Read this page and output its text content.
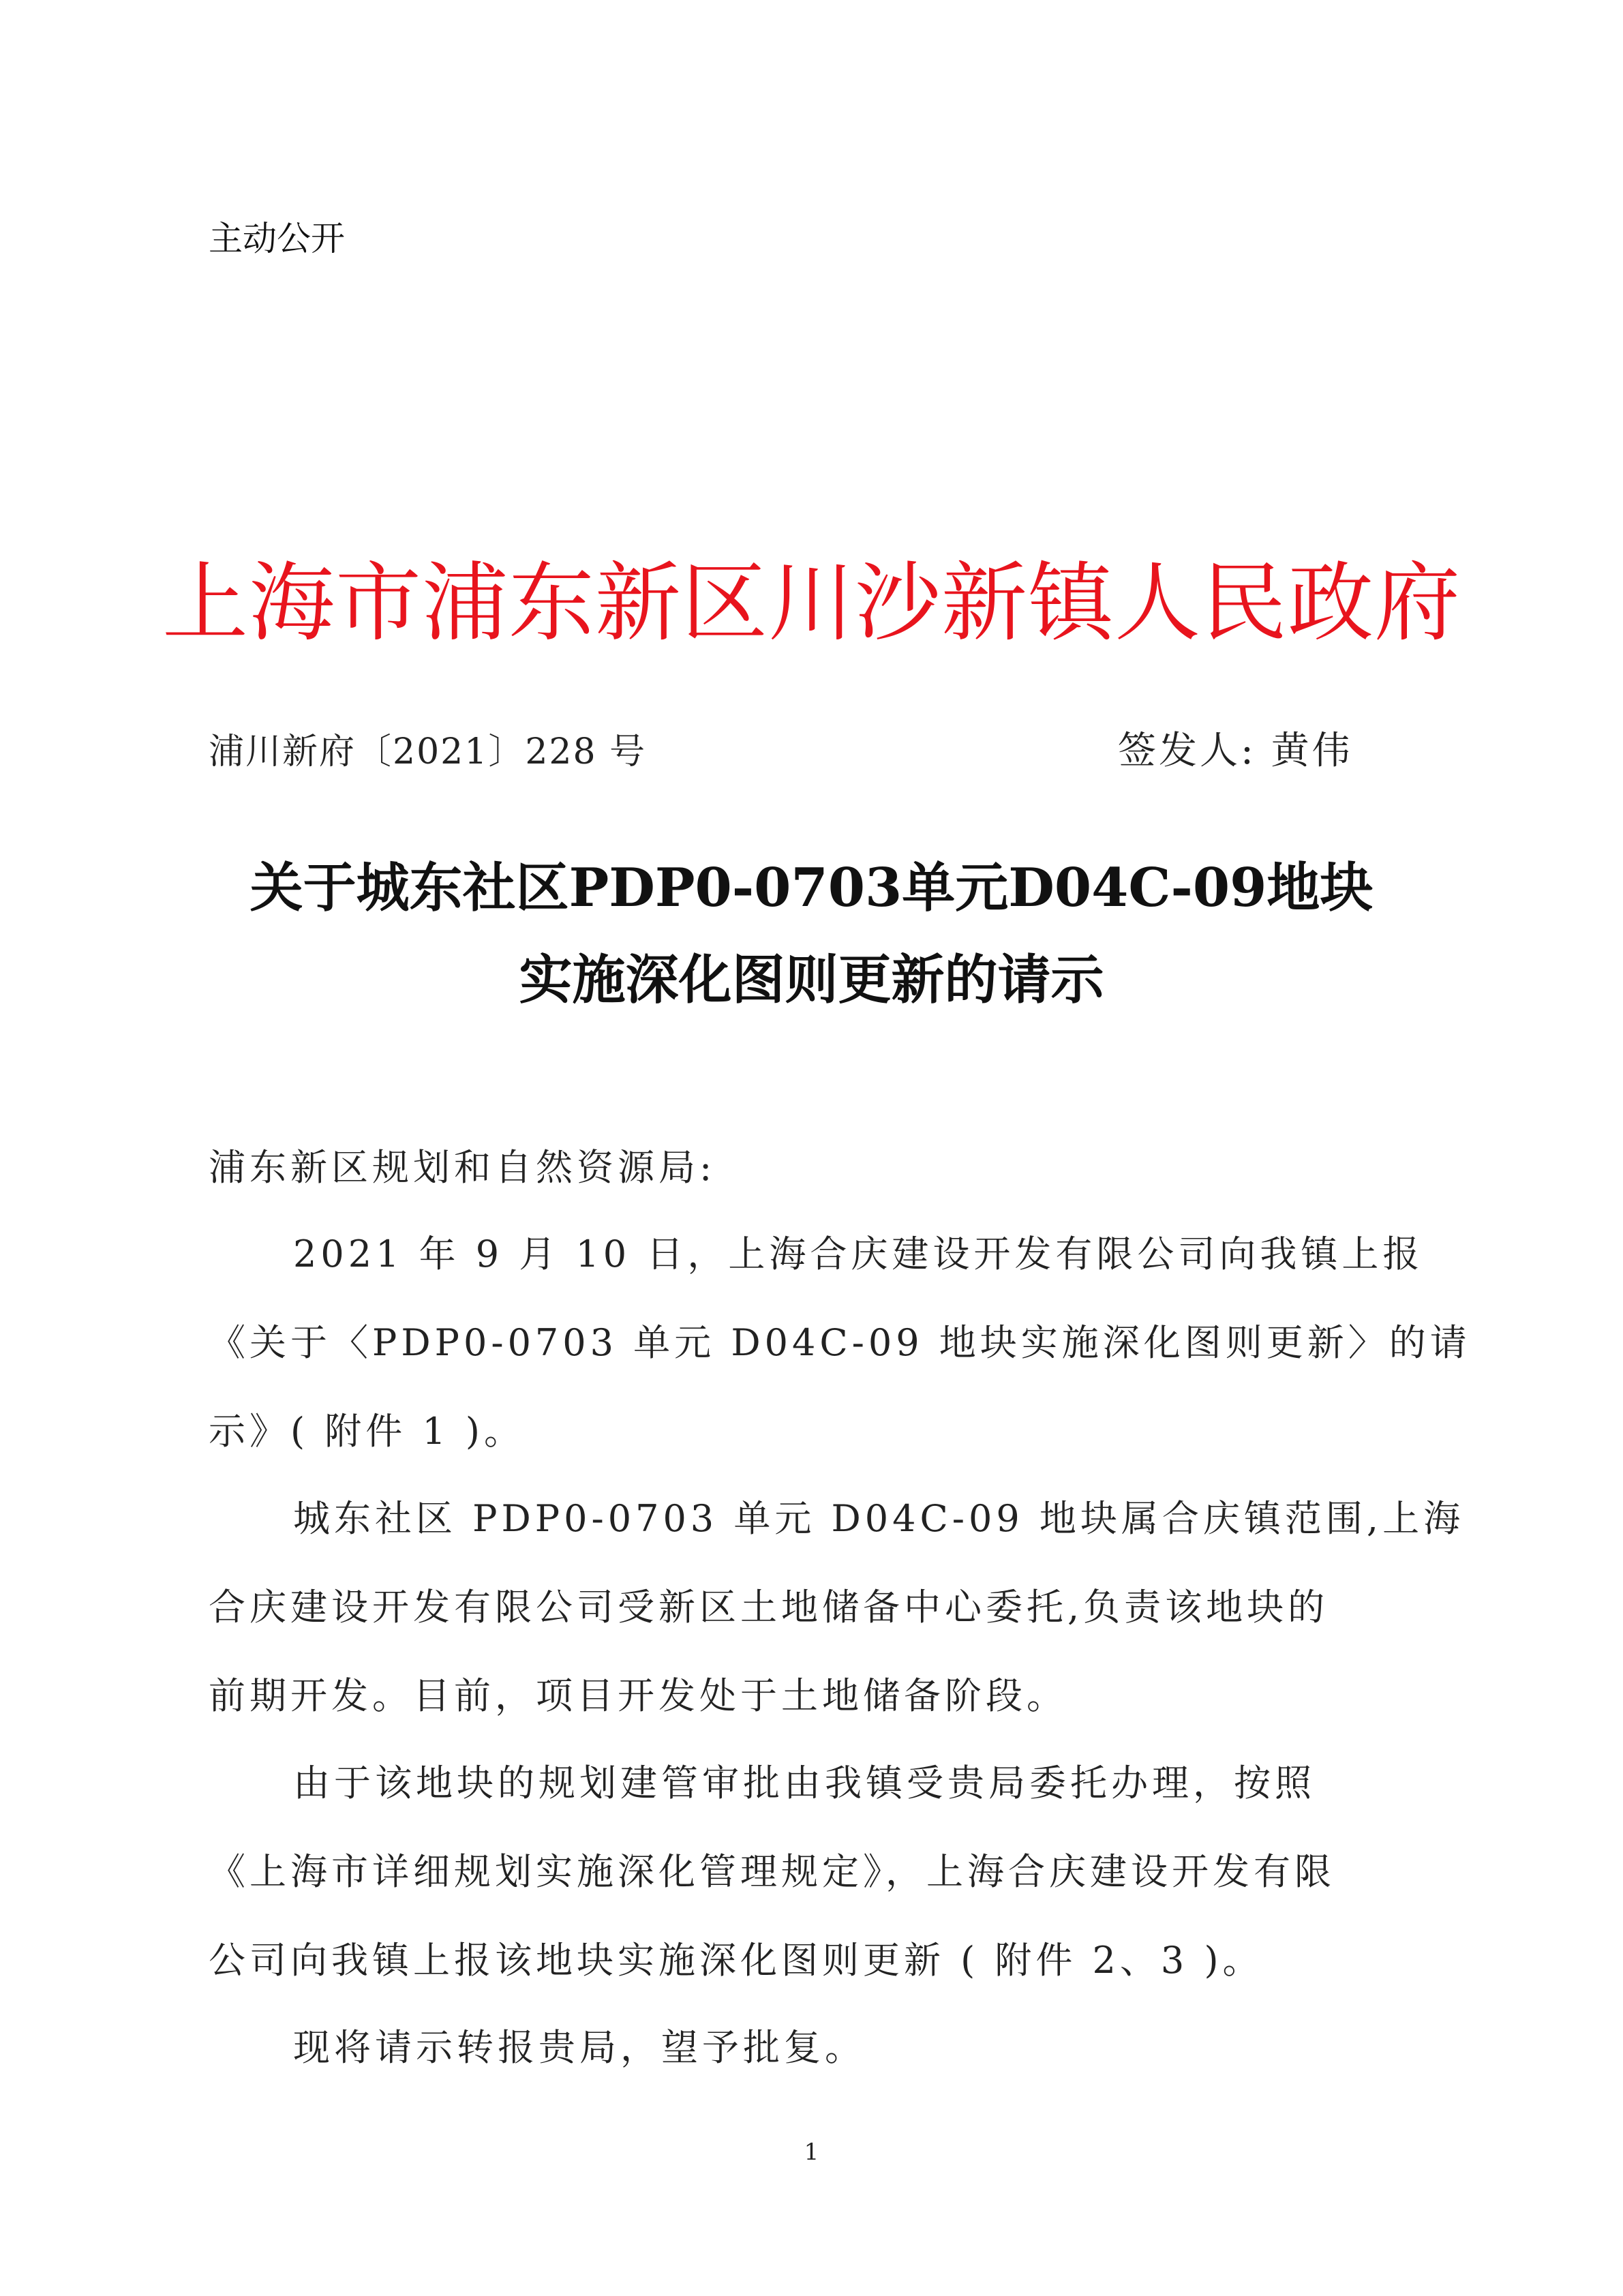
主动公开

上海市浦东新区川沙新镇人民政府

浦川新府〔2021〕228 号	签发人: 黄伟

关于城东社区PDP0-0703单元D04C-09地块

实施深化图则更新的请示

浦东新区规划和自然资源局:

2021 年 9 月 10 日，上海合庆建设开发有限公司向我镇上报
《关于〈PDP0-0703 单元 D04C-09 地块实施深化图则更新〉的请
示》( 附件 1 )。
城东社区 PDP0-0703 单元 D04C-09 地块属合庆镇范围,上海
合庆建设开发有限公司受新区土地储备中心委托,负责该地块的
前期开发。目前，项目开发处于土地储备阶段。
由于该地块的规划建管审批由我镇受贵局委托办理，按照
《上海市详细规划实施深化管理规定》，上海合庆建设开发有限
公司向我镇上报该地块实施深化图则更新 ( 附件 2、3 )。
现将请示转报贵局，望予批复。

1
